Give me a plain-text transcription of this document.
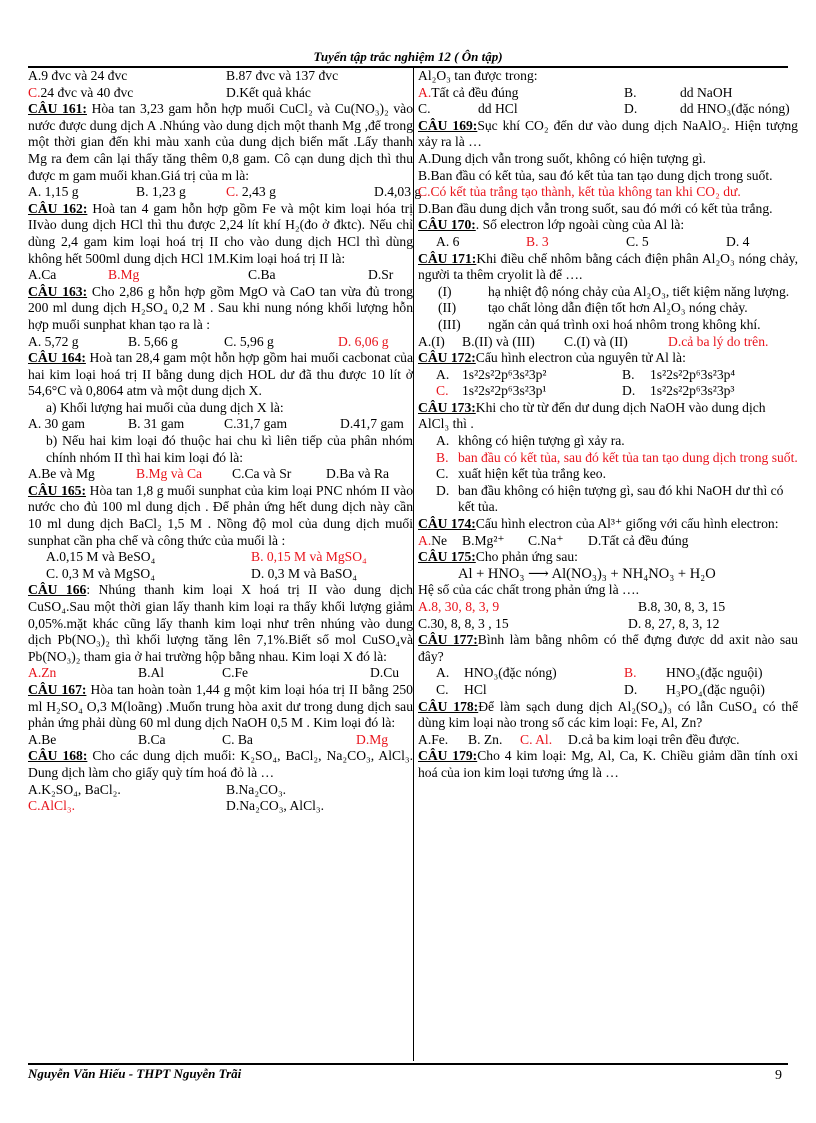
Tuyển tập trắc nghiệm 12 ( Ôn tập)
A.9 đvc và 24 đvc	B.87 đvc và 137 đvc
C.24 đvc và 40 đvc	D.Kết quả khác
CÂU 161: Hòa tan 3,23 gam hỗn hợp muối CuCl₂ và Cu(NO₃)₂ vào nước được dung dịch A .Nhúng vào dung dịch một thanh Mg ,để trong một thời gian đến khi màu xanh của dung dịch biến mất .Lấy thanh Mg ra đem cân lại thấy tăng thêm 0,8 gam. Cô cạn dung dịch thì thu được m gam muối khan.Giá trị của m là:
A. 1,15 g	B. 1,23 g	C. 2,43 g	D.4,03 g
CÂU 162: Hoà tan 4 gam hỗn hợp gồm Fe và một kim loại hóa trị IIvào dung dịch HCl thì thu được 2,24 lít khí H₂(đo ở đktc). Nếu chỉ dùng 2,4 gam kim loại hoá trị II cho vào dung dịch HCl thì dùng không hết 500ml dung dịch HCl 1M.Kim loại hoá trị II là:
A.Ca	B.Mg	C.Ba	D.Sr
CÂU 163: Cho 2,86 g hỗn hợp gồm MgO và CaO tan vừa đủ trong 200 ml dung dịch H₂SO₄ 0,2 M . Sau khi nung nóng khối lượng hỗn hợp muối sunphat khan tạo ra là :
A. 5,72 g	B. 5,66 g	C. 5,96 g	D. 6,06 g
CÂU 164: Hoà tan 28,4 gam một hỗn hợp gồm hai muối cacbonat của hai kim loại hoá trị II bằng dung dịch HOL dư đã thu được 10 lít ở 54,6°C và 0,8064 atm và một dung dịch X.
a) Khối lượng hai muối của dung dịch X là:
A. 30 gam	B. 31 gam	C.31,7 gam	D.41,7 gam
b) Nếu hai kim loại đó thuộc hai chu kì liên tiếp của phân nhóm chính nhóm II thì hai kim loại đó là:
A.Be và Mg	B.Mg và Ca	C.Ca và Sr	D.Ba và Ra
CÂU 165: Hòa tan 1,8 g muối sunphat của kim loại PNC nhóm II vào nước cho đủ 100 ml dung dịch . Để phản ứng hết dung dịch này cần 10 ml dung dịch BaCl₂ 1,5 M . Nồng độ mol của dung dịch muối sunphat cần pha chế và công thức của muối là :
A.0,15 M và BeSO₄	B. 0,15 M và MgSO₄
C. 0,3 M và MgSO₄	D. 0,3 M và BaSO₄
CÂU 166: Nhúng thanh kim loại X hoá trị II vào dung dịch CuSO₄.Sau một thời gian lấy thanh kim loại ra thấy khối lượng giảm 0,05%.mặt khác cũng lấy thanh kim loại như trên nhúng vào dung dịch Pb(NO₃)₂ thì khối lượng tăng lên 7,1%.Biết số mol CuSO₄và Pb(NO₃)₂ tham gia ở hai trường hộp bằng nhau. Kim loại X đó là:
A.Zn	B.Al	C.Fe	D.Cu
CÂU 167: Hòa tan hoàn toàn 1,44 g một kim loại hóa trị II bằng 250 ml H₂SO₄ O,3 M(loãng) .Muốn trung hòa axit dư trong dung dịch sau phản ứng phải dùng 60 ml dung dịch NaOH 0,5 M . Kim loại đó là:
A.Be	B.Ca	C. Ba	D.Mg
CÂU 168: Cho các dung dịch muối: K₂SO₄, BaCl₂, Na₂CO₃, AlCl₃. Dung dịch làm cho giấy quỳ tím hoá đỏ là …
A.K₂SO₄, BaCl₂.	B.Na₂CO₃.
C.AlCl₃.	D.Na₂CO₃, AlCl₃.
Al₂O₃ tan được trong:
A.Tất cả đều đúng	B.	dd NaOH
C.	dd HCl	D.	dd HNO₃(đặc nóng)
CÂU 169:Sục khí CO₂ đến dư vào dung dịch NaAlO₂. Hiện tượng xảy ra là …
A.Dung dịch vẫn trong suốt, không có hiện tượng gì.
B.Ban đầu có kết tủa, sau đó kết tủa tan tạo dung dịch trong suốt.
C.Có kết tủa trắng tạo thành, kết tủa không tan khi CO₂ dư.
D.Ban đầu dung dịch vẫn trong suốt, sau đó mới có kết tủa trắng.
CÂU 170:. Số electron lớp ngoài cùng của Al là:
A. 6	B. 3	C. 5	D. 4
CÂU 171:Khi điều chế nhôm bằng cách điện phân Al₂O₃ nóng chảy, người ta thêm cryolit là để ….
(I)	hạ nhiệt độ nóng chảy của Al₂O₃, tiết kiệm năng lượng.
(II)	tạo chất lỏng dẫn điện tốt hơn Al₂O₃ nóng chảy.
(III)	ngăn cản quá trình oxi hoá nhôm trong không khí.
A.(I)	B.(II) và (III)	C.(I) và (II)	D.cả ba lý do trên.
CÂU 172:Cấu hình electron của nguyên tử Al là:
A. 1s²2s²2p⁶3s²3p²	B.	1s²2s²2p⁶3s²3p⁴
C. 1s²2s²2p⁶3s²3p¹	D.	1s²2s²2p⁶3s²3p³
CÂU 173:Khi cho từ từ đến dư dung dịch NaOH vào dung dịch AlCl₃ thì .
A. không có hiện tượng gì xảy ra.
B. ban đầu có kết tủa, sau đó kết tủa tan tạo dung dịch trong suốt.
C. xuất hiện kết tủa trắng keo.
D. ban đầu không có hiện tượng gì, sau đó khi NaOH dư thì có kết tủa.
CÂU 174:Cấu hình electron của Al³⁺ giống với cấu hình electron:
A.Ne	B.Mg²⁺	C.Na⁺	D.Tất cả đều đúng
CÂU 175:Cho phản ứng sau:
Al + HNO₃ ⟶ Al(NO₃)₃ + NH₄NO₃ + H₂O
Hệ số của các chất trong phản ứng là ….
A.8, 30, 8, 3, 9	B.8, 30, 8, 3, 15
C.30, 8, 8, 3 , 15	D. 8, 27, 8, 3, 12
CÂU 177:Bình làm bằng nhôm có thể đựng được dd axit nào sau đây?
A.	HNO₃(đặc nóng)	B.	HNO₃(đặc nguội)
C.	HCl	D.	H₃PO₄(đặc nguội)
CÂU 178:Để làm sạch dung dịch Al₂(SO₄)₃ có lẫn CuSO₄ có thể dùng kim loại nào trong số các kim loại: Fe, Al, Zn?
A.Fe.	B. Zn.	C. Al.	D.cả ba kim loại trên đều được.
CÂU 179:Cho 4 kim loại: Mg, Al, Ca, K. Chiều giảm dần tính oxi hoá của ion kim loại tương ứng là …
Nguyễn Văn Hiếu - THPT Nguyễn Trãi	9
